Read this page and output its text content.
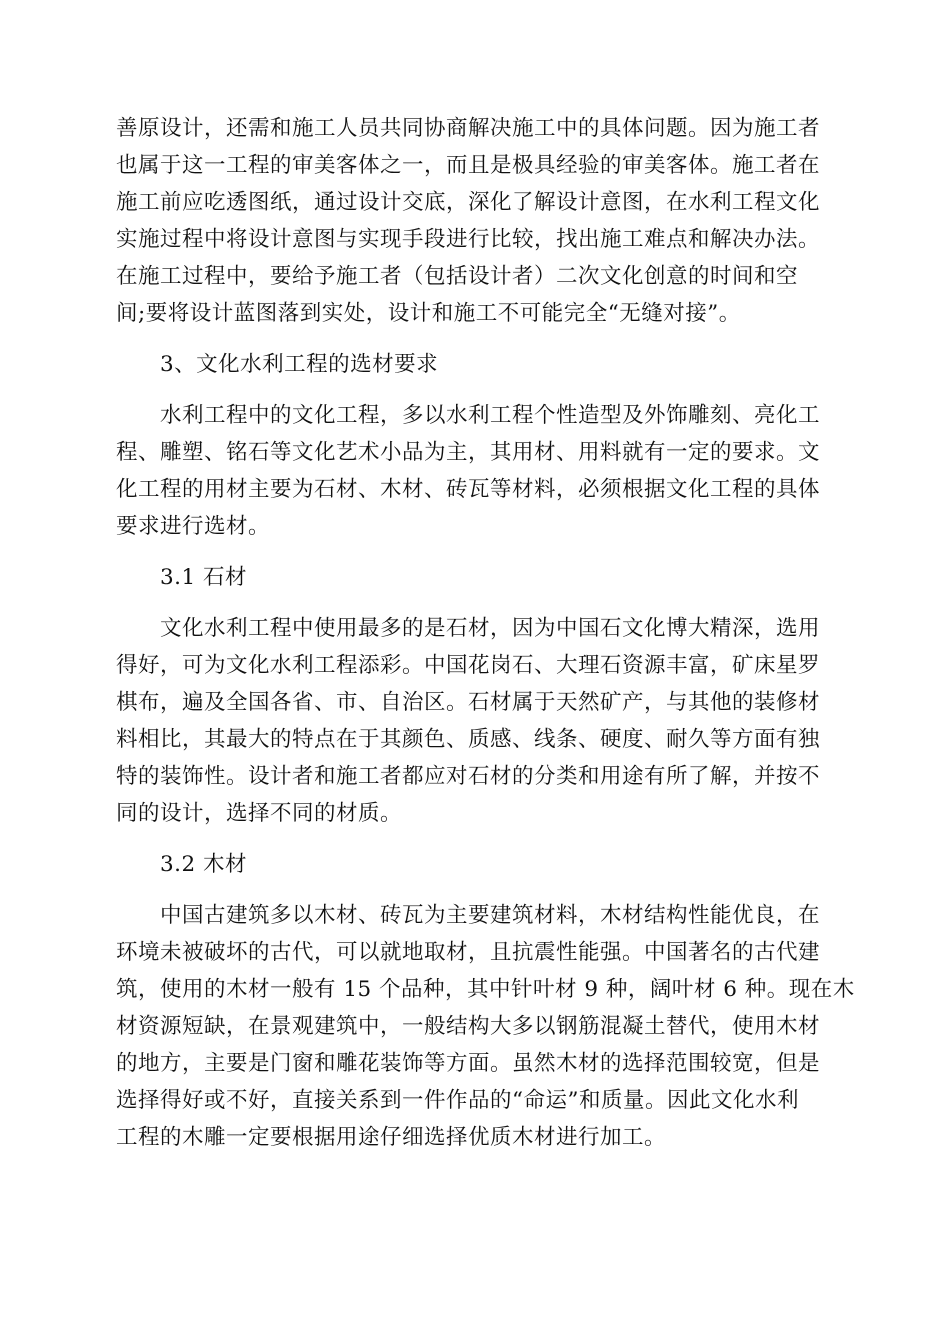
善原设计，还需和施工人员共同协商解决施工中的具体问题。因为施工者
也属于这一工程的审美客体之一，而且是极具经验的审美客体。施工者在
施工前应吃透图纸，通过设计交底，深化了解设计意图，在水利工程文化
实施过程中将设计意图与实现手段进行比较，找出施工难点和解决办法。
在施工过程中，要给予施工者（包括设计者）二次文化创意的时间和空
间;要将设计蓝图落到实处，设计和施工不可能完全“无缝对接”。
3、文化水利工程的选材要求
水利工程中的文化工程，多以水利工程个性造型及外饰雕刻、亮化工
程、雕塑、铭石等文化艺术小品为主，其用材、用料就有一定的要求。文
化工程的用材主要为石材、木材、砖瓦等材料，必须根据文化工程的具体
要求进行选材。
3.1 石材
文化水利工程中使用最多的是石材，因为中国石文化博大精深，选用
得好，可为文化水利工程添彩。中国花岗石、大理石资源丰富，矿床星罗
棋布，遍及全国各省、市、自治区。石材属于天然矿产，与其他的装修材
料相比，其最大的特点在于其颜色、质感、线条、硬度、耐久等方面有独
特的装饰性。设计者和施工者都应对石材的分类和用途有所了解，并按不
同的设计，选择不同的材质。
3.2 木材
中国古建筑多以木材、砖瓦为主要建筑材料，木材结构性能优良，在
环境未被破坏的古代，可以就地取材，且抗震性能强。中国著名的古代建
筑，使用的木材一般有 15 个品种，其中针叶材 9 种，阔叶材 6 种。现在木
材资源短缺，在景观建筑中，一般结构大多以钢筋混凝土替代，使用木材
的地方，主要是门窗和雕花装饰等方面。虽然木材的选择范围较宽，但是
选择得好或不好，直接关系到一件作品的“命运”和质量。因此文化水利
工程的木雕一定要根据用途仔细选择优质木材进行加工。
